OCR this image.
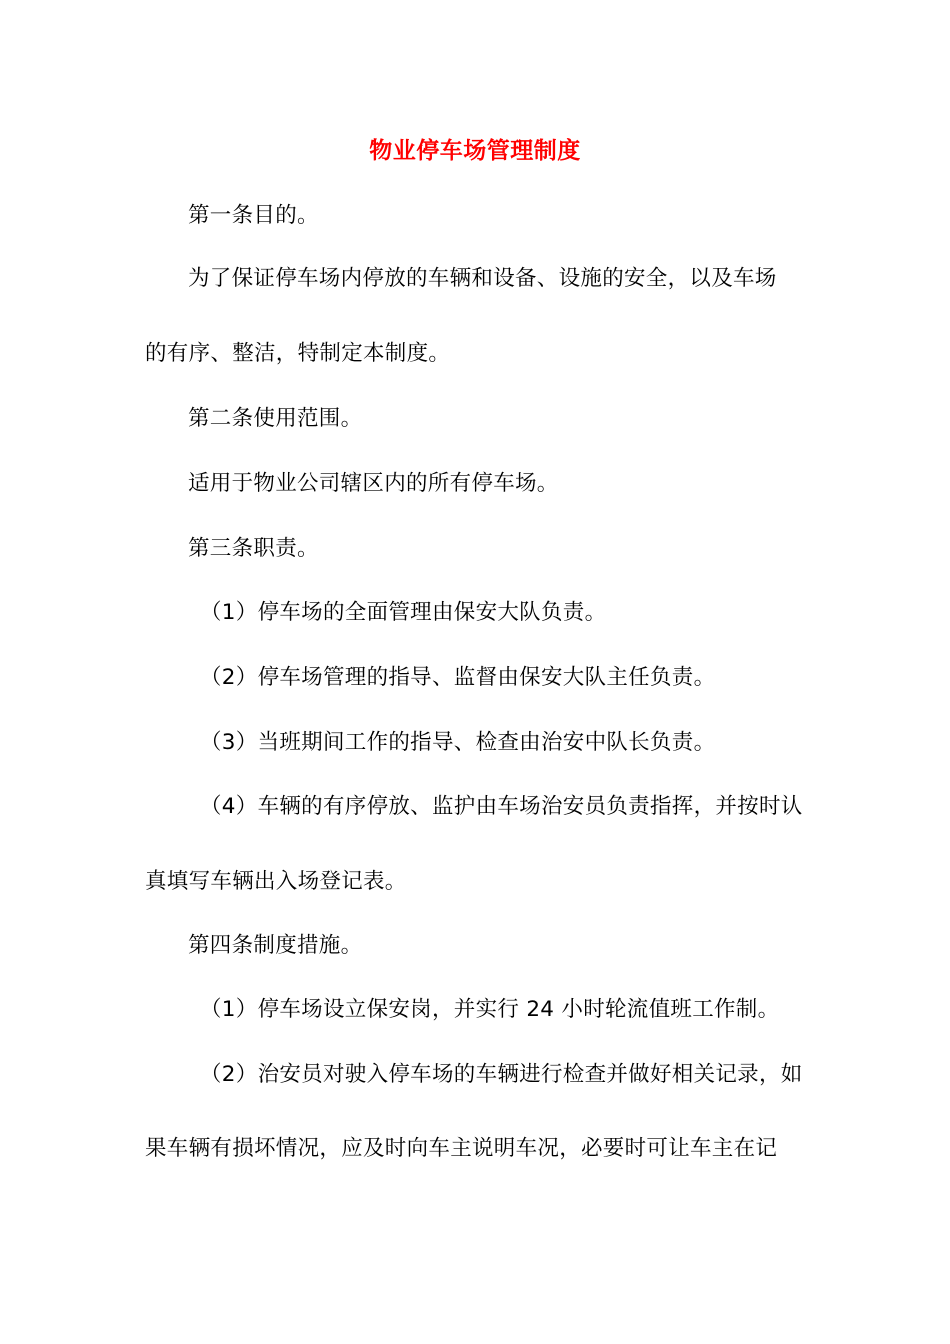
物业停车场管理制度
第一条目的。
为了保证停车场内停放的车辆和设备、设施的安全，以及车场
的有序、整洁，特制定本制度。
第二条使用范围。
适用于物业公司辖区内的所有停车场。
第三条职责。
（1）停车场的全面管理由保安大队负责。
（2）停车场管理的指导、监督由保安大队主任负责。
（3）当班期间工作的指导、检查由治安中队长负责。
（4）车辆的有序停放、监护由车场治安员负责指挥，并按时认
真填写车辆出入场登记表。
第四条制度措施。
（1）停车场设立保安岗，并实行 24 小时轮流值班工作制。
（2）治安员对驶入停车场的车辆进行检查并做好相关记录，如
果车辆有损坏情况，应及时向车主说明车况，必要时可让车主在记
